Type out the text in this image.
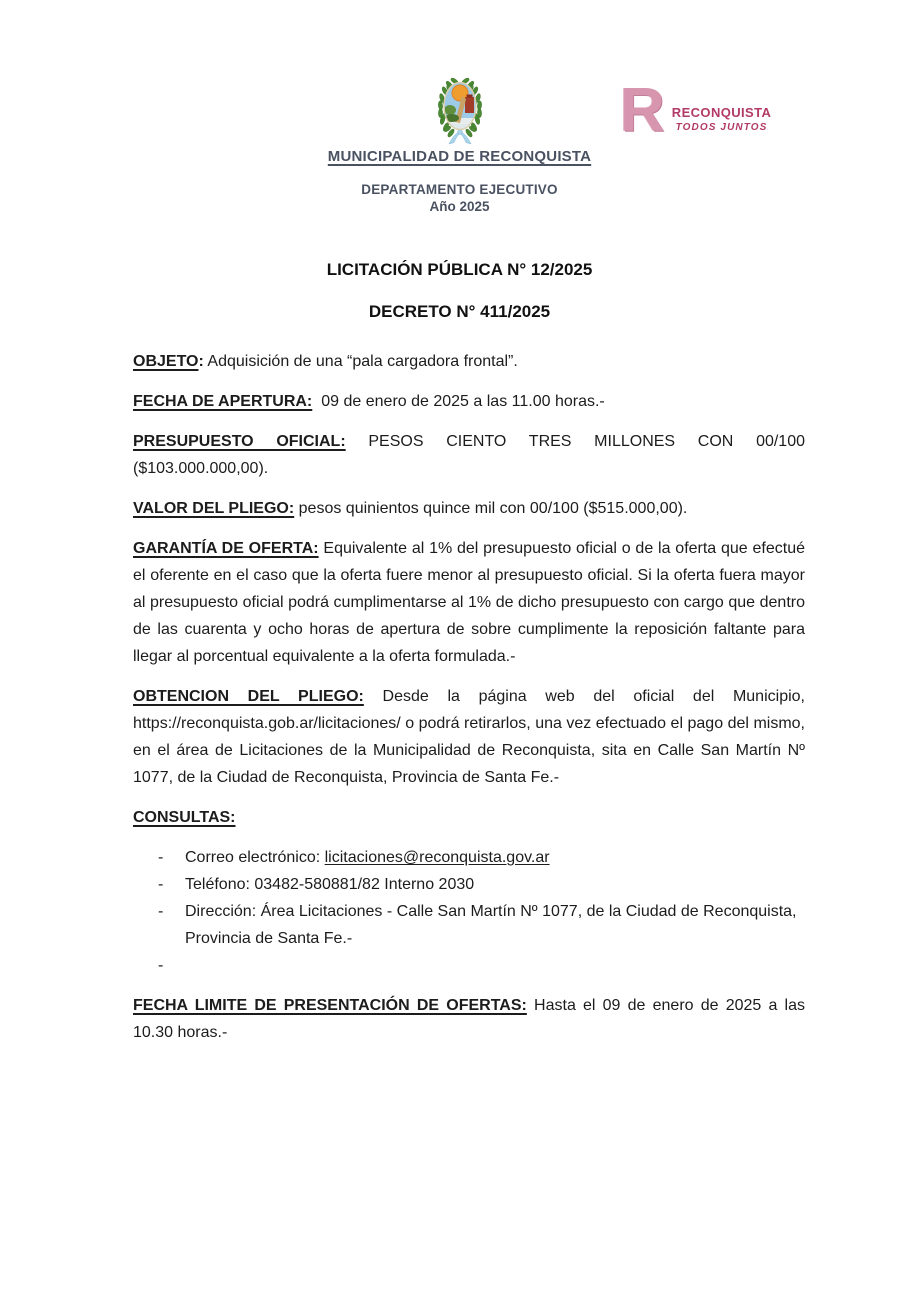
R RECONQUISTA
TODOS JUNTOS
MUNICIPALIDAD DE RECONQUISTA
DEPARTAMENTO EJECUTIVO
Año 2025
LICITACIÓN PÚBLICA N° 12/2025
DECRETO N° 411/2025

OBJETO: Adquisición de una “pala cargadora frontal”.

FECHA DE APERTURA: 09 de enero de 2025 a las 11.00 horas.-

PRESUPUESTO OFICIAL: PESOS CIENTO TRES MILLONES CON 00/100 ($103.000.000,00).

VALOR DEL PLIEGO: pesos quinientos quince mil con 00/100 ($515.000,00).

GARANTÍA DE OFERTA: Equivalente al 1% del presupuesto oficial o de la oferta que efectué el oferente en el caso que la oferta fuere menor al presupuesto oficial. Si la oferta fuera mayor al presupuesto oficial podrá cumplimentarse al 1% de dicho presupuesto con cargo que dentro de las cuarenta y ocho horas de apertura de sobre cumplimente la reposición faltante para llegar al porcentual equivalente a la oferta formulada.-

OBTENCION DEL PLIEGO: Desde la página web del oficial del Municipio, https://reconquista.gob.ar/licitaciones/ o podrá retirarlos, una vez efectuado el pago del mismo, en el área de Licitaciones de la Municipalidad de Reconquista, sita en Calle San Martín Nº 1077, de la Ciudad de Reconquista, Provincia de Santa Fe.-

CONSULTAS:

-	Correo electrónico: licitaciones@reconquista.gov.ar
-	Teléfono: 03482-580881/82 Interno 2030
-	Dirección: Área Licitaciones - Calle San Martín Nº 1077, de la Ciudad de Reconquista, Provincia de Santa Fe.-
-

FECHA LIMITE DE PRESENTACIÓN DE OFERTAS: Hasta el 09 de enero de 2025 a las 10.30 horas.-
